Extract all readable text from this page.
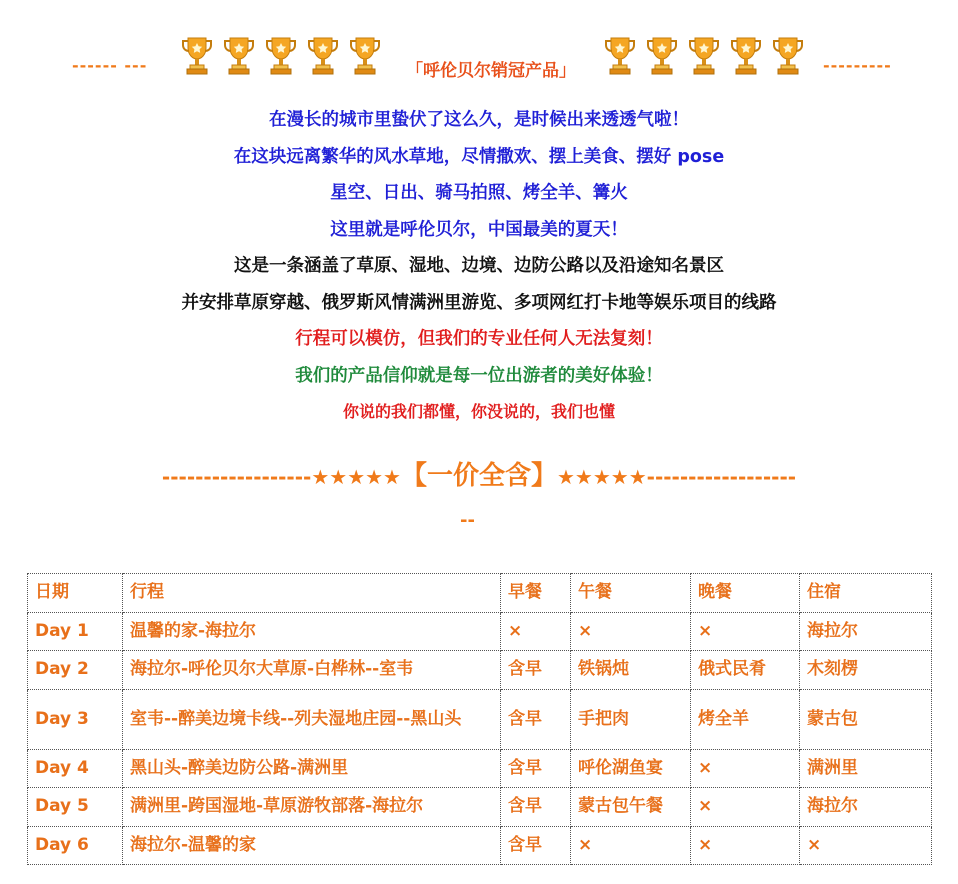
------ ---	「呼伦贝尔销冠产品」	---------
在漫长的城市里蛰伏了这么久，是时候出来透透气啦！
在这块远离繁华的风水草地，尽情撒欢、摆上美食、摆好 pose
星空、日出、骑马拍照、烤全羊、篝火
这里就是呼伦贝尔，中国最美的夏天！
这是一条涵盖了草原、湿地、边境、边防公路以及沿途知名景区
并安排草原穿越、俄罗斯风情满洲里游览、多项网红打卡地等娱乐项目的线路
行程可以模仿，但我们的专业任何人无法复刻！
我们的产品信仰就是每一位出游者的美好体验！
你说的我们都懂，你没说的，我们也懂
------------------★★★★★【一价全含】★★★★★------------------
--
日期	行程	早餐	午餐	晚餐	住宿
Day 1	温馨的家-海拉尔	×	×	×	海拉尔
Day 2	海拉尔-呼伦贝尔大草原-白桦林--室韦	含早	铁锅炖	俄式民肴	木刻楞
Day 3	室韦--醉美边境卡线--列夫湿地庄园--黑山头	含早	手把肉	烤全羊	蒙古包
Day 4	黑山头-醉美边防公路-满洲里	含早	呼伦湖鱼宴	×	满洲里
Day 5	满洲里-跨国湿地-草原游牧部落-海拉尔	含早	蒙古包午餐	×	海拉尔
Day 6	海拉尔-温馨的家	含早	×	×	×
